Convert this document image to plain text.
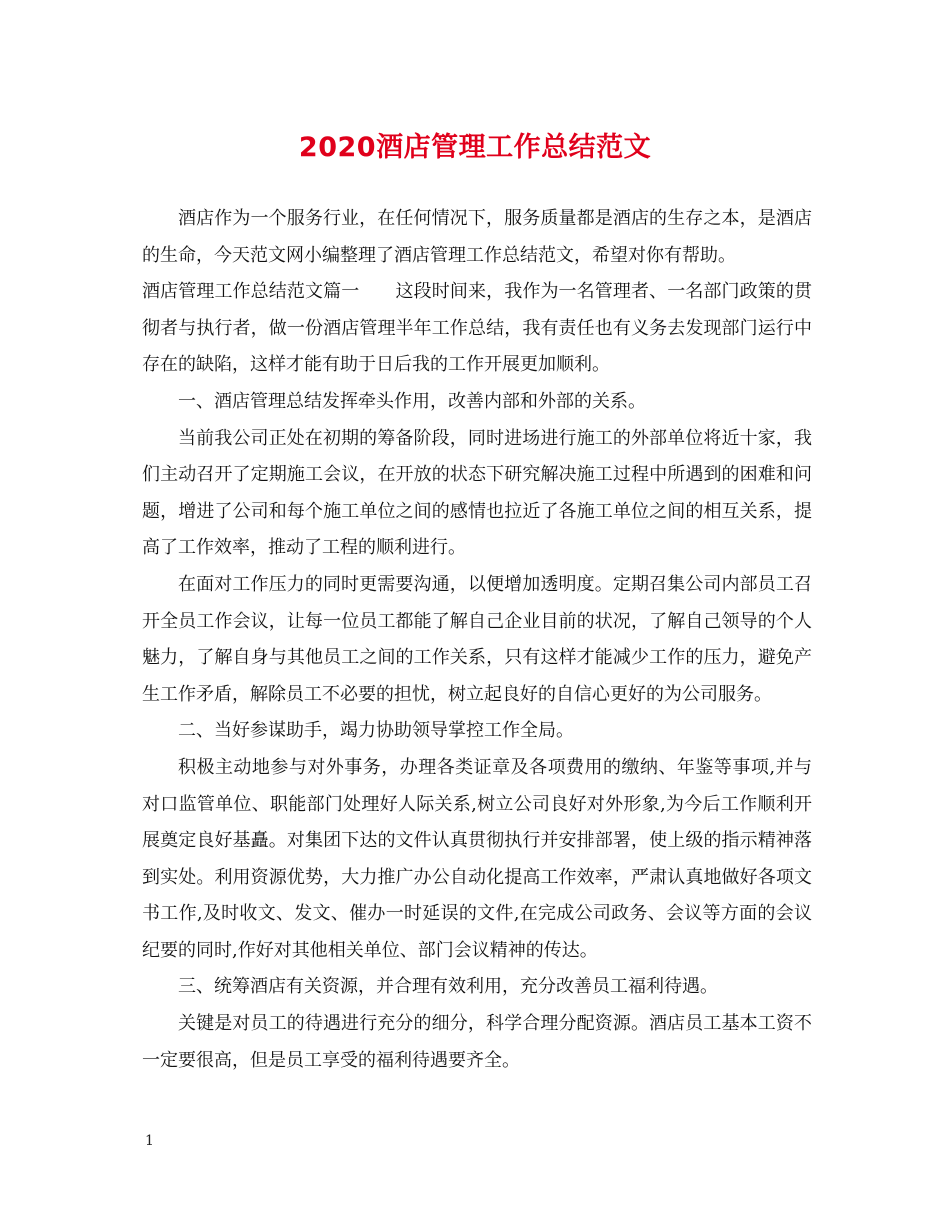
2020酒店管理工作总结范文

酒店作为一个服务行业，在任何情况下，服务质量都是酒店的生存之本，是酒店的生命，今天范文网小编整理了酒店管理工作总结范文，希望对你有帮助。

酒店管理工作总结范文篇一　　这段时间来，我作为一名管理者、一名部门政策的贯彻者与执行者，做一份酒店管理半年工作总结，我有责任也有义务去发现部门运行中存在的缺陷，这样才能有助于日后我的工作开展更加顺利。

一、酒店管理总结发挥牵头作用，改善内部和外部的关系。

当前我公司正处在初期的筹备阶段，同时进场进行施工的外部单位将近十家，我们主动召开了定期施工会议，在开放的状态下研究解决施工过程中所遇到的困难和问题，增进了公司和每个施工单位之间的感情也拉近了各施工单位之间的相互关系，提高了工作效率，推动了工程的顺利进行。

在面对工作压力的同时更需要沟通，以便增加透明度。定期召集公司内部员工召开全员工作会议，让每一位员工都能了解自己企业目前的状况，了解自己领导的个人魅力，了解自身与其他员工之间的工作关系，只有这样才能减少工作的压力，避免产生工作矛盾，解除员工不必要的担忧，树立起良好的自信心更好的为公司服务。

二、当好参谋助手，竭力协助领导掌控工作全局。

积极主动地参与对外事务，办理各类证章及各项费用的缴纳、年鉴等事项,并与对口监管单位、职能部门处理好人际关系,树立公司良好对外形象,为今后工作顺利开展奠定良好基矗。对集团下达的文件认真贯彻执行并安排部署，使上级的指示精神落到实处。利用资源优势，大力推广办公自动化提高工作效率，严肃认真地做好各项文书工作,及时收文、发文、催办一时延误的文件,在完成公司政务、会议等方面的会议纪要的同时,作好对其他相关单位、部门会议精神的传达。

三、统筹酒店有关资源，并合理有效利用，充分改善员工福利待遇。

关键是对员工的待遇进行充分的细分，科学合理分配资源。酒店员工基本工资不一定要很高，但是员工享受的福利待遇要齐全。

1
